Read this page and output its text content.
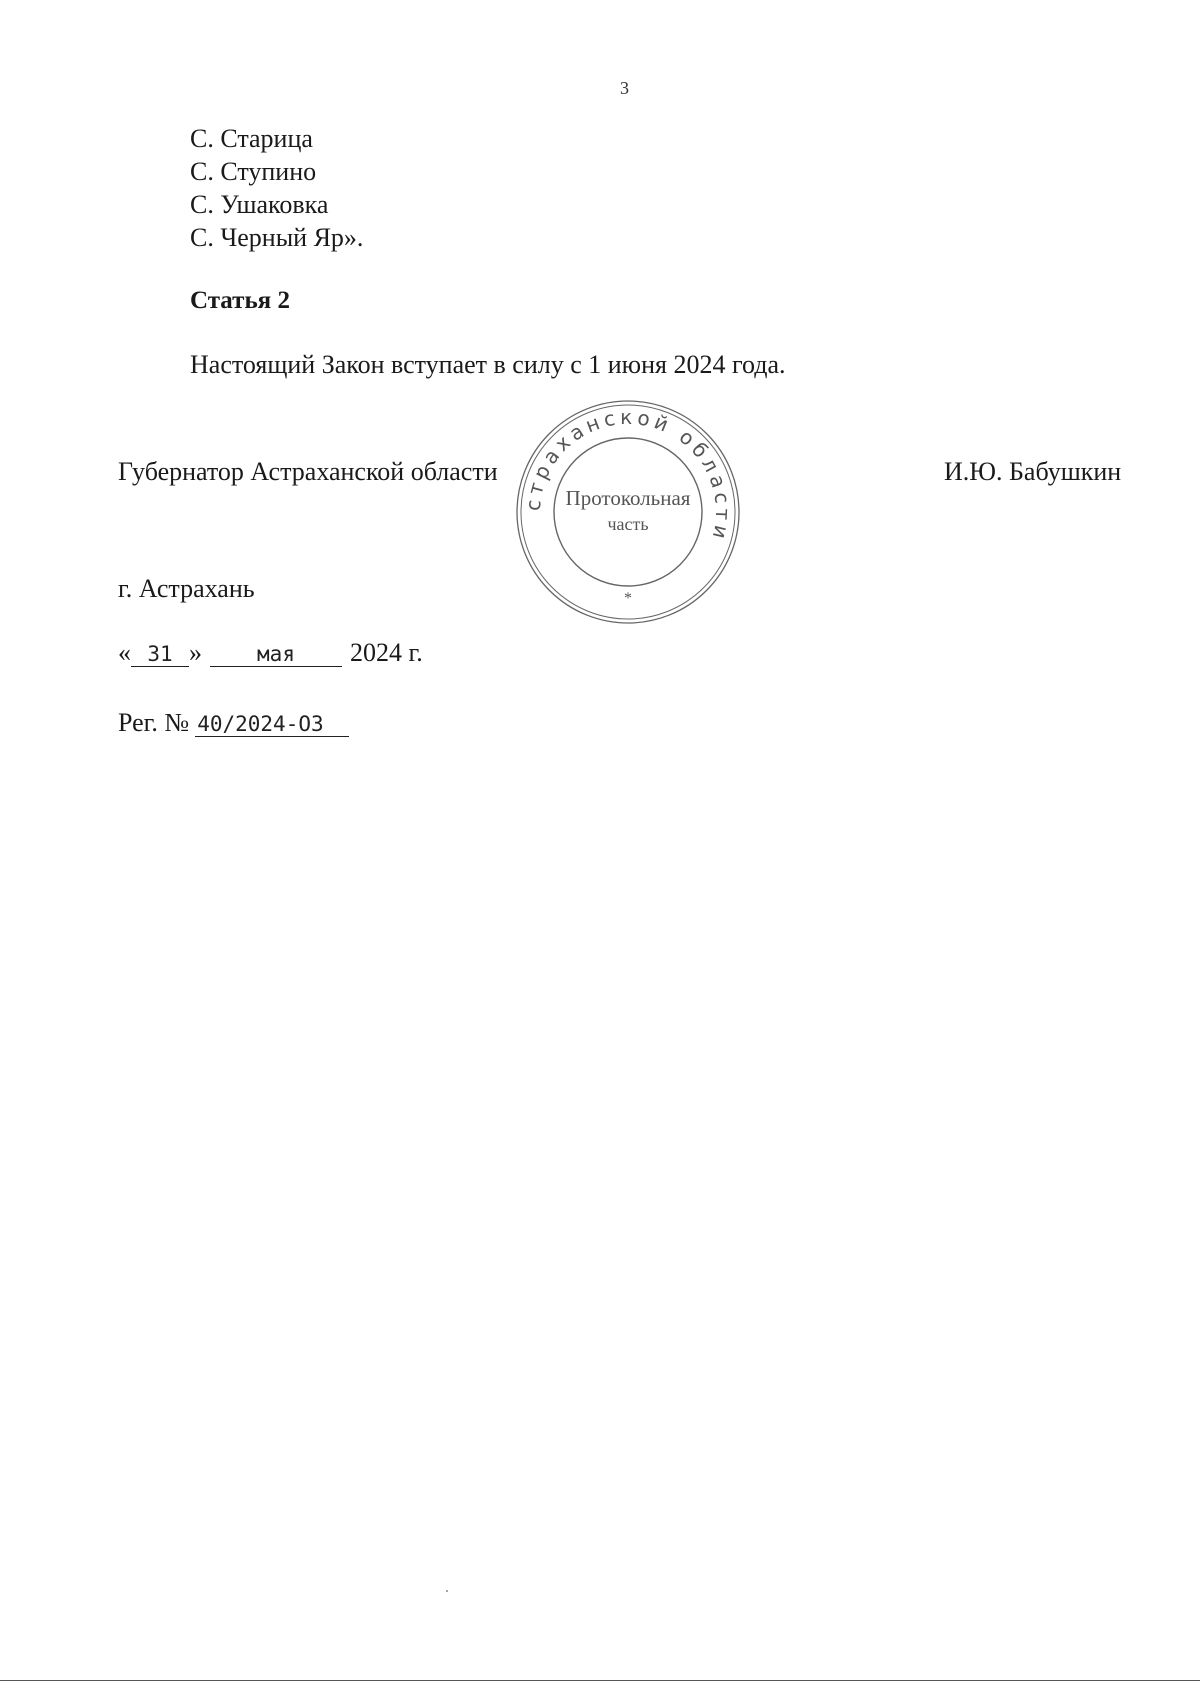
3
С. Старица
С. Ступино
С. Ушаковка
С. Черный Яр».
Статья 2

Настоящий Закон вступает в силу с 1 июня 2024 года.

Губернатор Астраханской области	И.Ю. Бабушкин
страханской области
Протокольная
часть
*
г. Астрахань
« 31 »	мая 2024 г.
Рег. № 40/2024-ОЗ
